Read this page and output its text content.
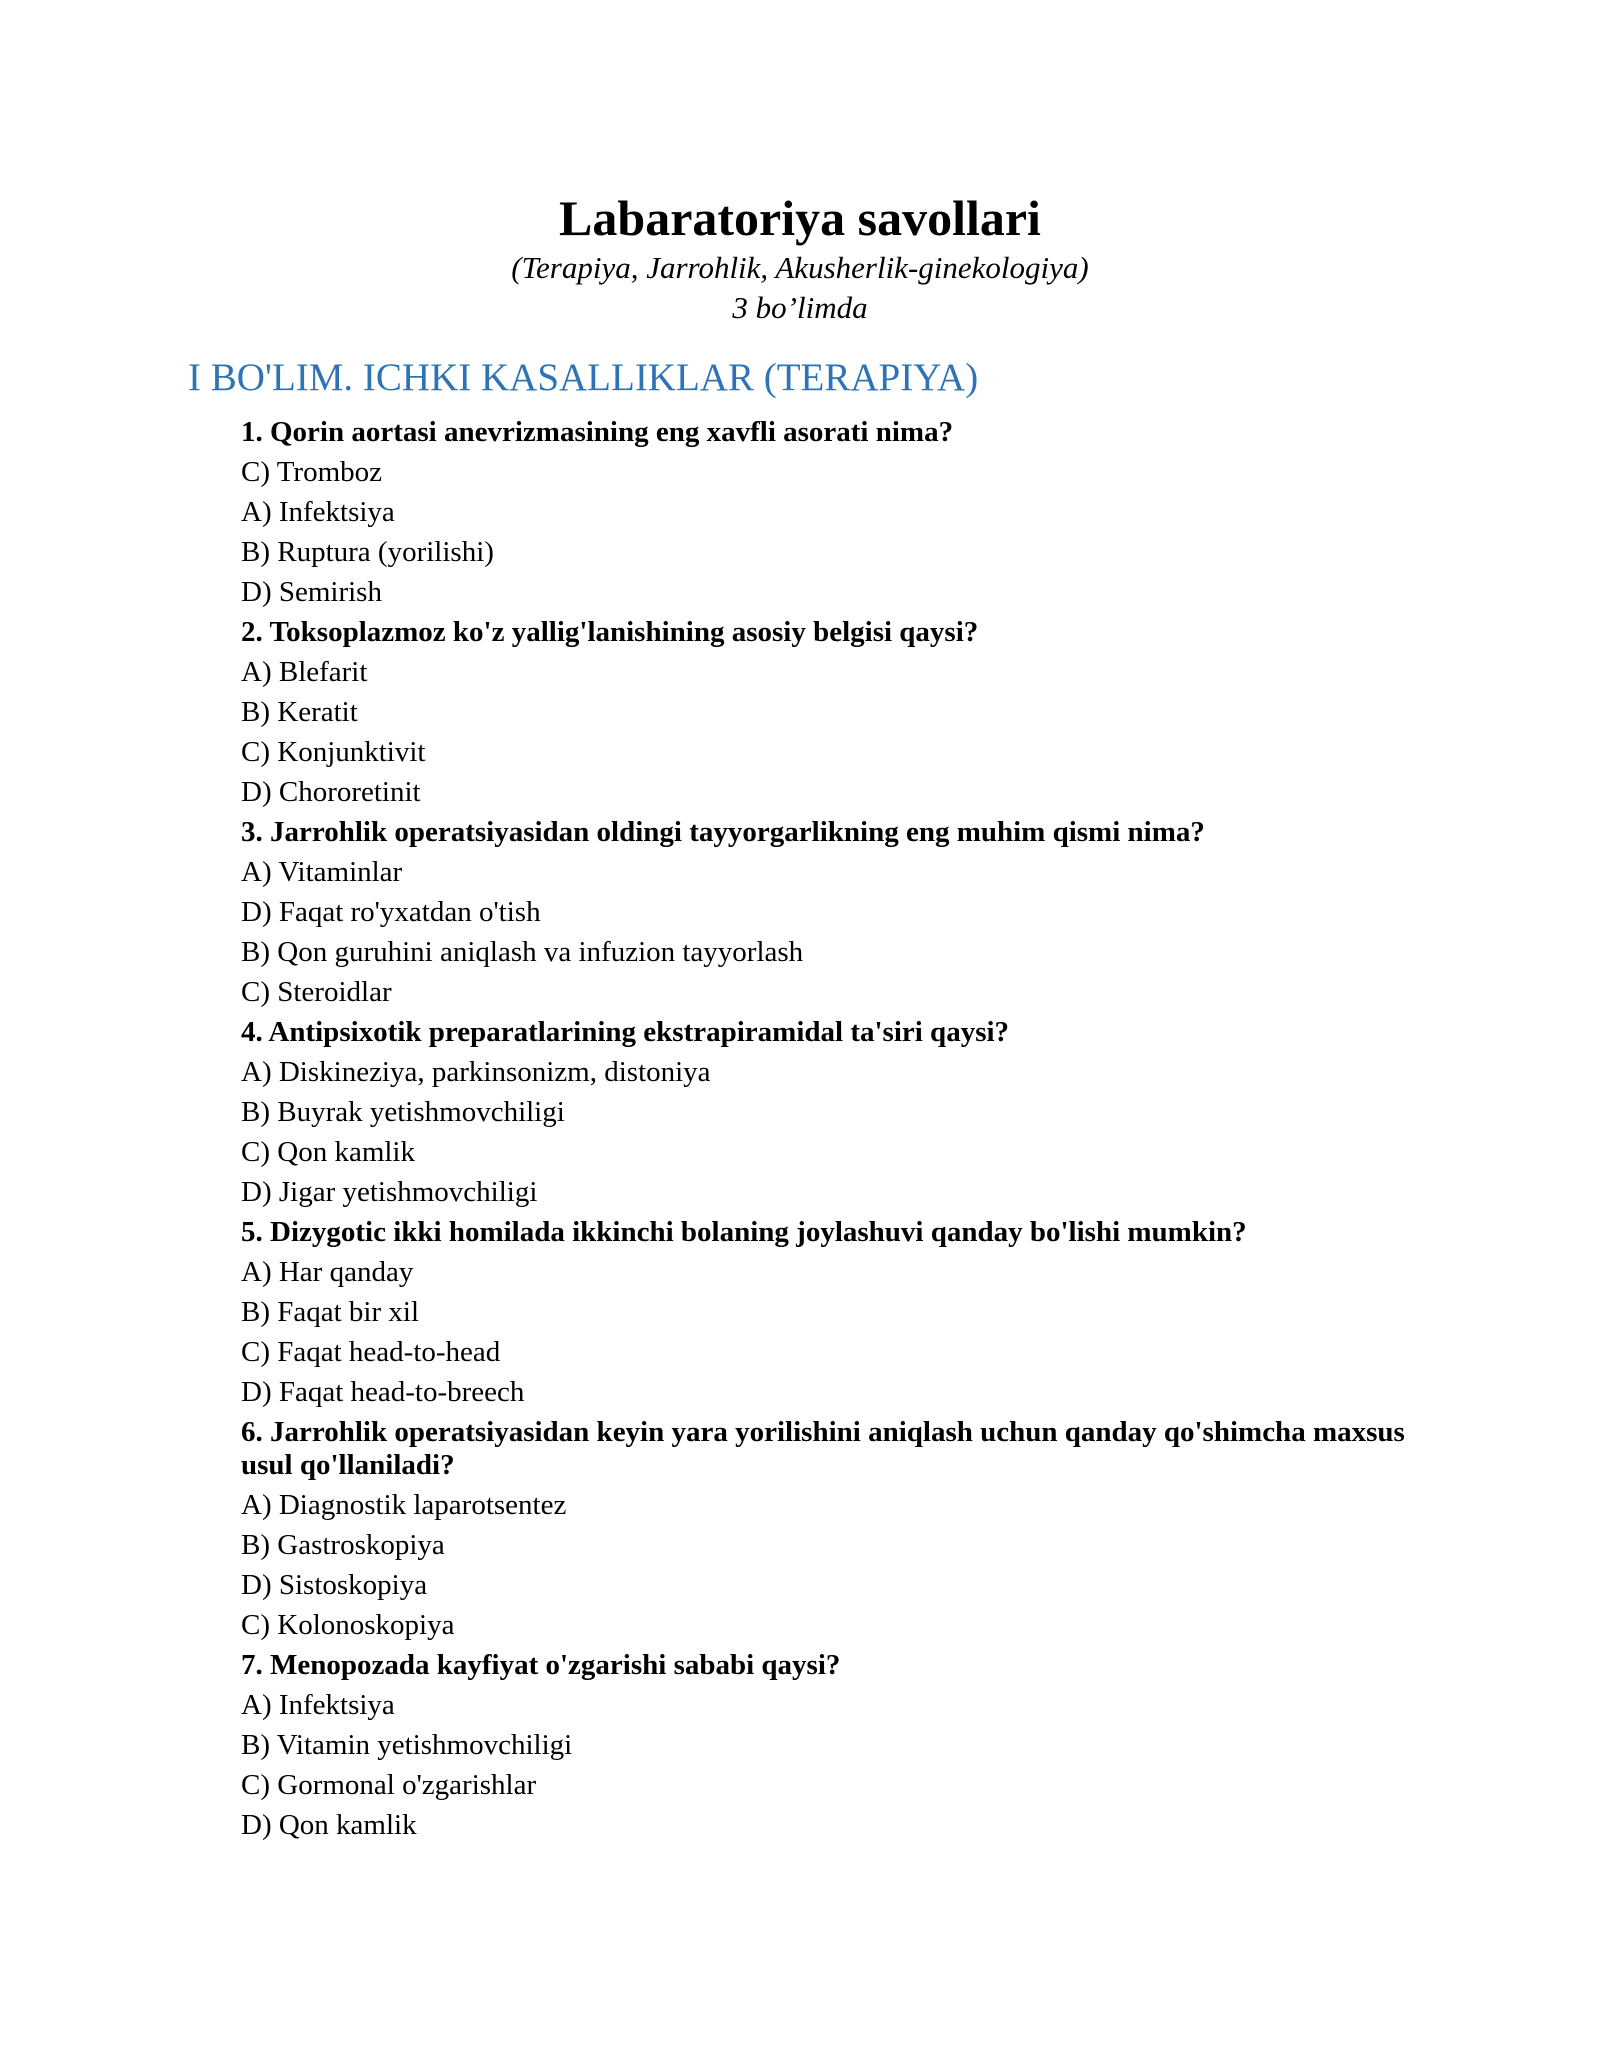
Labaratoriya savollari
(Terapiya, Jarrohlik, Akusherlik-ginekologiya)
3 bo’limda
I BO'LIM. ICHKI KASALLIKLAR (TERAPIYA)
1. Qorin aortasi anevrizmasining eng xavfli asorati nima?
C) Tromboz
A) Infektsiya
B) Ruptura (yorilishi)
D) Semirish
2. Toksoplazmoz ko'z yallig'lanishining asosiy belgisi qaysi?
A) Blefarit
B) Keratit
C) Konjunktivit
D) Chororetinit
3. Jarrohlik operatsiyasidan oldingi tayyorgarlikning eng muhim qismi nima?
A) Vitaminlar
D) Faqat ro'yxatdan o'tish
B) Qon guruhini aniqlash va infuzion tayyorlash
C) Steroidlar
4. Antipsixotik preparatlarining ekstrapiramidal ta'siri qaysi?
A) Diskineziya, parkinsonizm, distoniya
B) Buyrak yetishmovchiligi
C) Qon kamlik
D) Jigar yetishmovchiligi
5. Dizygotic ikki homilada ikkinchi bolaning joylashuvi qanday bo'lishi mumkin?
A) Har qanday
B) Faqat bir xil
C) Faqat head-to-head
D) Faqat head-to-breech
6. Jarrohlik operatsiyasidan keyin yara yorilishini aniqlash uchun qanday qo'shimcha maxsus usul qo'llaniladi?
A) Diagnostik laparotsentez
B) Gastroskopiya
D) Sistoskopiya
C) Kolonoskopiya
7. Menopozada kayfiyat o'zgarishi sababi qaysi?
A) Infektsiya
B) Vitamin yetishmovchiligi
C) Gormonal o'zgarishlar
D) Qon kamlik
